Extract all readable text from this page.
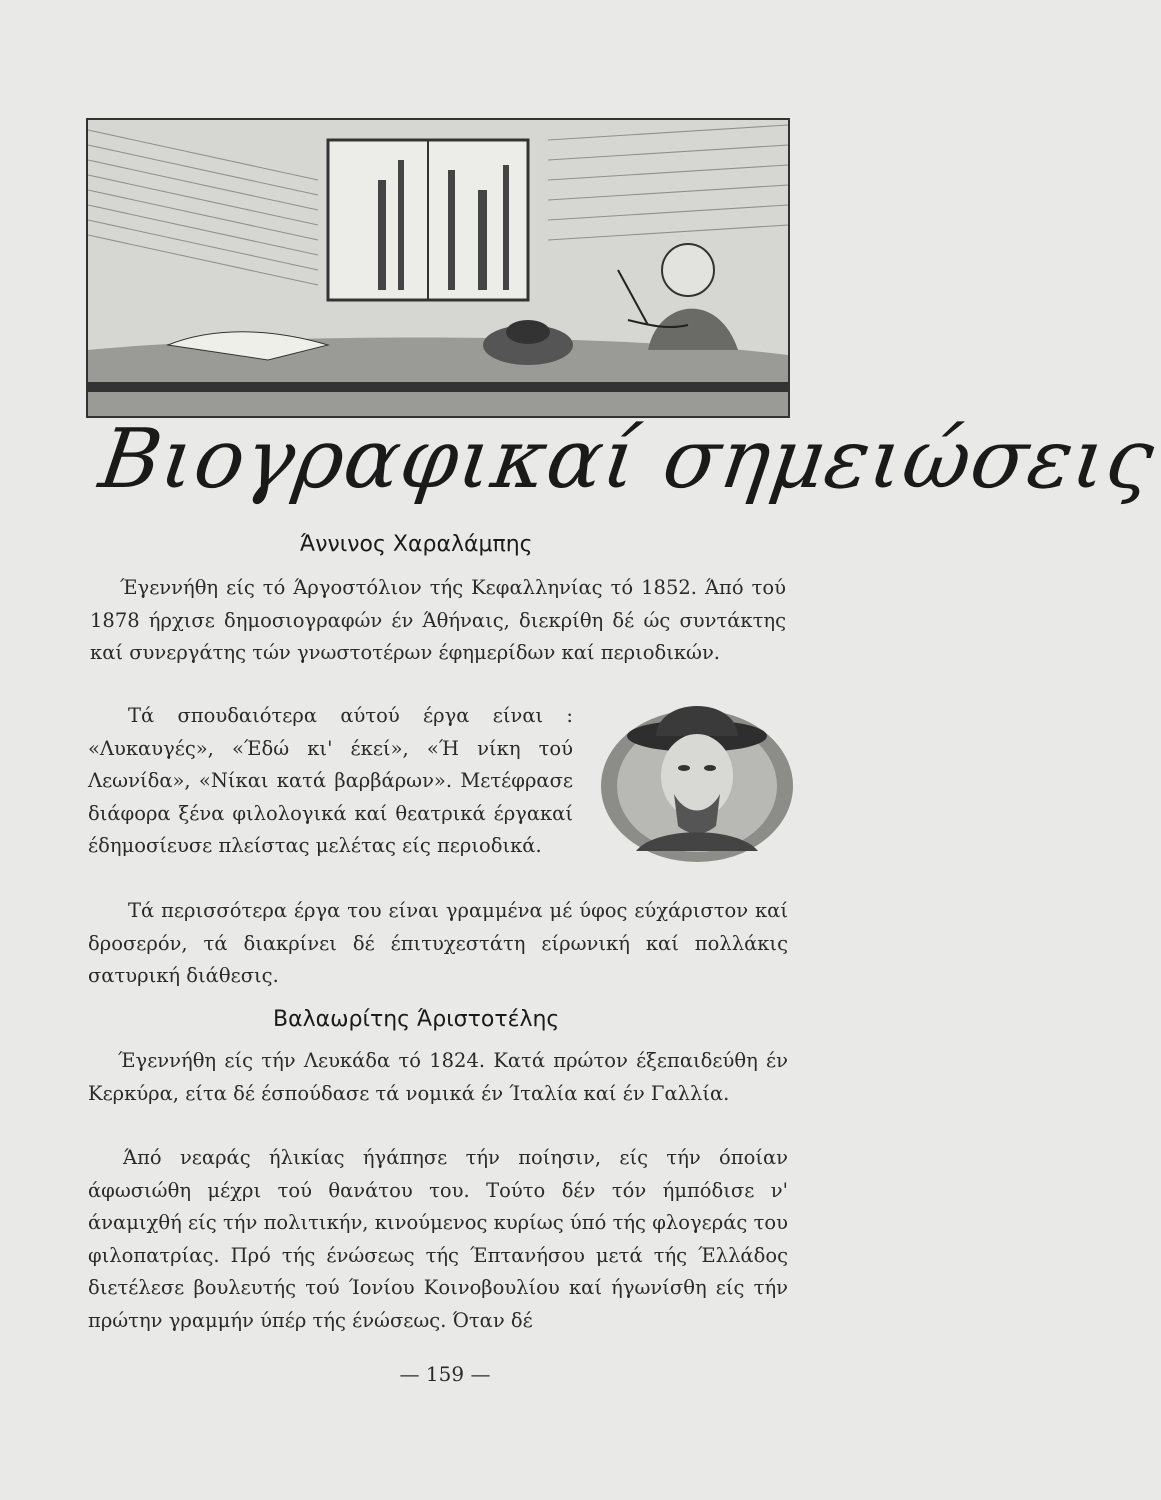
Βιογραφικαί σημειώσεις
Άννινος Χαραλάμπης
Έγεννήθη είς τό Άργοστόλιον τής Κεφαλληνίας τό 1852. Άπό τού 1878 ήρχισε δημοσιογραφών έν Άθήναις, διεκρίθη δέ ώς συντάκτης καί συνεργάτης τών γνωστοτέρων έφημερίδων καί περιοδικών.
Τά σπουδαιότερα αύτού έργα είναι : «Λυκαυγές», «Έδώ κι' έκεί», «Ή νίκη τού Λεωνίδα», «Νίκαι κατά βαρβάρων». Μετέφρασε διάφορα ξένα φιλολογικά καί θεατρικά έργακαί έδημοσίευσε πλείστας μελέτας είς περιοδικά.
Τά περισσότερα έργα του είναι γραμμένα μέ ύφος εύχάριστον καί δροσερόν, τά διακρίνει δέ έπιτυχεστάτη είρωνική καί πολλάκις σατυρική διάθεσις.
Βαλαωρίτης Άριστοτέλης
Έγεννήθη είς τήν Λευκάδα τό 1824. Κατά πρώτον έξεπαιδεύθη έν Κερκύρα, είτα δέ έσπούδασε τά νομικά έν Ίταλία καί έν Γαλλία.
Άπό νεαράς ήλικίας ήγάπησε τήν ποίησιν, είς τήν όποίαν άφωσιώθη μέχρι τού θανάτου του. Τούτο δέν τόν ήμπόδισε ν' άναμιχθή είς τήν πολιτικήν, κινούμενος κυρίως ύπό τής φλογεράς του φιλοπατρίας. Πρό τής ένώσεως τής Έπτανήσου μετά τής Έλλάδος διετέλεσε βουλευτής τού Ίονίου Κοινοβουλίου καί ήγωνίσθη είς τήν πρώτην γραμμήν ύπέρ τής ένώσεως. Όταν δέ
— 159 —
